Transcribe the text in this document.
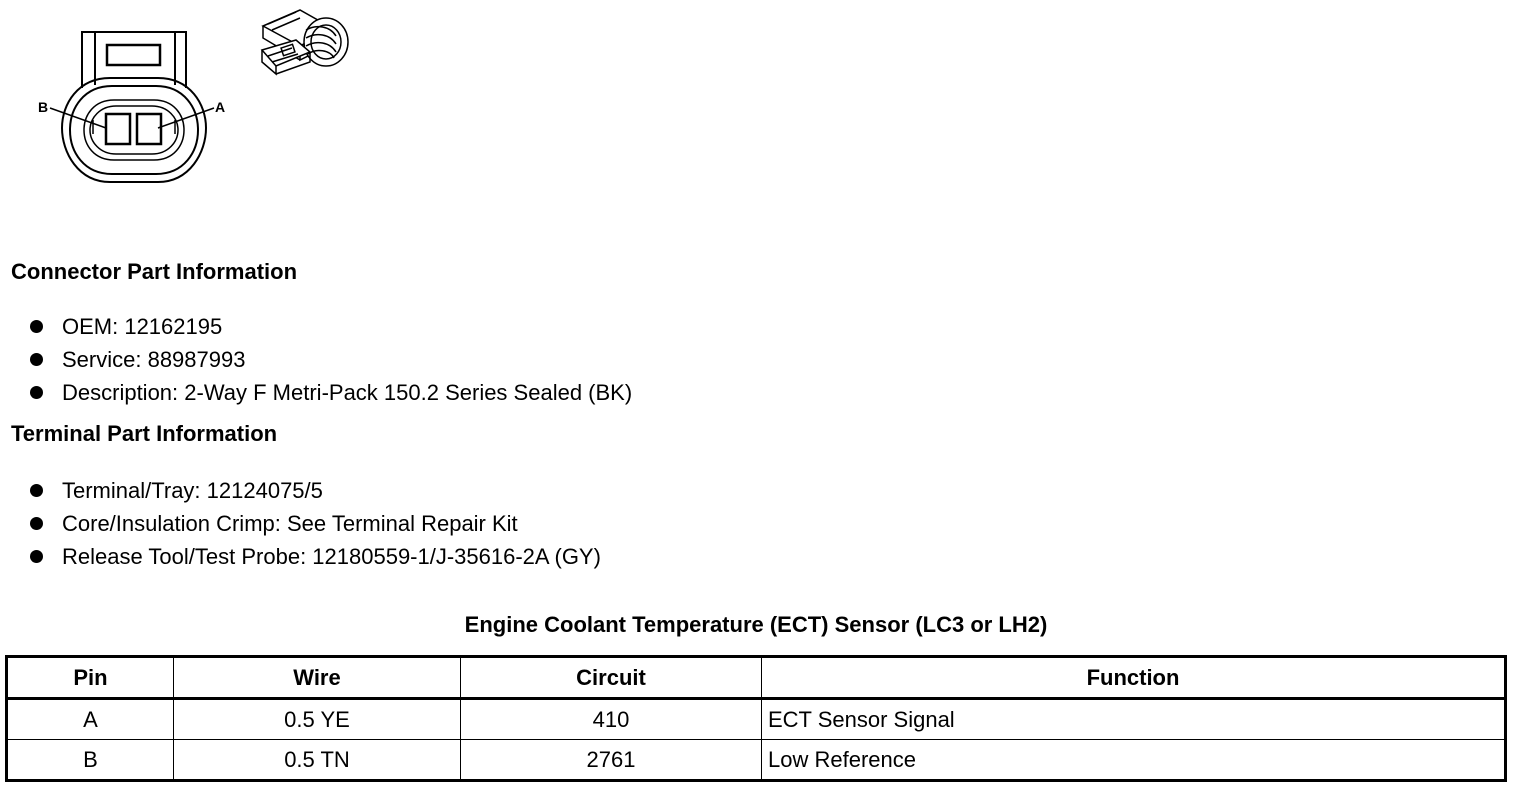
B	A
Connector Part Information
OEM: 12162195
Service: 88987993
Description: 2-Way F Metri-Pack 150.2 Series Sealed (BK)
Terminal Part Information
Terminal/Tray: 12124075/5
Core/Insulation Crimp: See Terminal Repair Kit
Release Tool/Test Probe: 12180559-1/J-35616-2A (GY)
Engine Coolant Temperature (ECT) Sensor (LC3 or LH2)
Pin	Wire	Circuit	Function
A	0.5 YE	410	ECT Sensor Signal
B	0.5 TN	2761	Low Reference
